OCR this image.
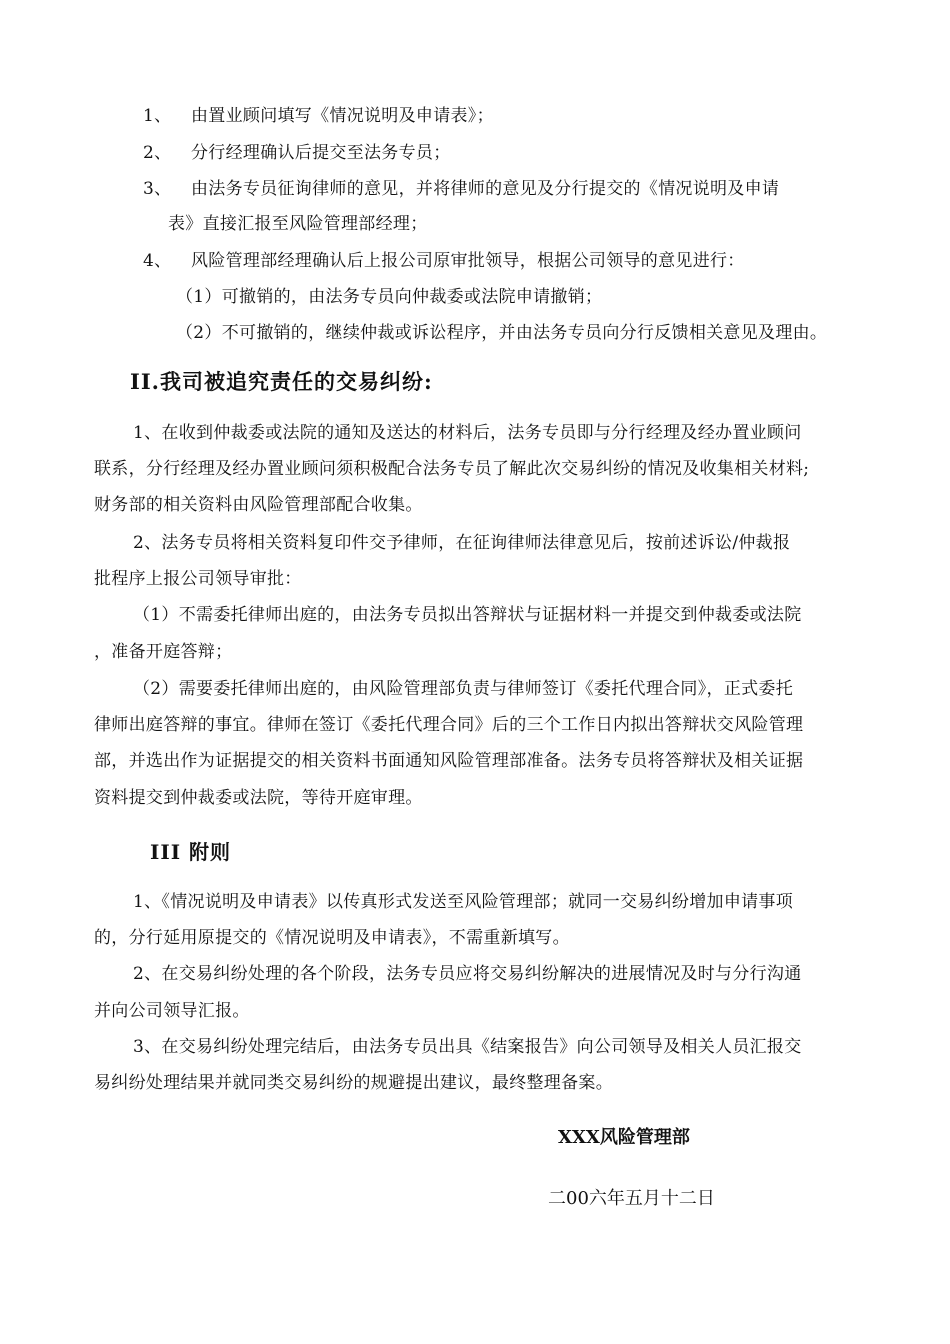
1、 由置业顾问填写《情况说明及申请表》；
2、 分行经理确认后提交至法务专员；
3、 由法务专员征询律师的意见，并将律师的意见及分行提交的《情况说明及申请
表》直接汇报至风险管理部经理；
4、 风险管理部经理确认后上报公司原审批领导，根据公司领导的意见进行：
（1）可撤销的，由法务专员向仲裁委或法院申请撤销；
（2）不可撤销的，继续仲裁或诉讼程序，并由法务专员向分行反馈相关意见及理由。
II.我司被追究责任的交易纠纷:
1、在收到仲裁委或法院的通知及送达的材料后，法务专员即与分行经理及经办置业顾问
联系，分行经理及经办置业顾问须积极配合法务专员了解此次交易纠纷的情况及收集相关材料;
财务部的相关资料由风险管理部配合收集。
2、法务专员将相关资料复印件交予律师，在征询律师法律意见后，按前述诉讼/仲裁报
批程序上报公司领导审批：
（1）不需委托律师出庭的，由法务专员拟出答辩状与证据材料一并提交到仲裁委或法院
，准备开庭答辩；
（2）需要委托律师出庭的，由风险管理部负责与律师签订《委托代理合同》，正式委托
律师出庭答辩的事宜。律师在签订《委托代理合同》后的三个工作日内拟出答辩状交风险管理
部，并选出作为证据提交的相关资料书面通知风险管理部准备。法务专员将答辩状及相关证据
资料提交到仲裁委或法院，等待开庭审理。
III 附则
1、《情况说明及申请表》以传真形式发送至风险管理部；就同一交易纠纷增加申请事项
的，分行延用原提交的《情况说明及申请表》，不需重新填写。
2、在交易纠纷处理的各个阶段，法务专员应将交易纠纷解决的进展情况及时与分行沟通
并向公司领导汇报。
3、在交易纠纷处理完结后，由法务专员出具《结案报告》向公司领导及相关人员汇报交
易纠纷处理结果并就同类交易纠纷的规避提出建议，最终整理备案。
XXX风险管理部
二00六年五月十二日
